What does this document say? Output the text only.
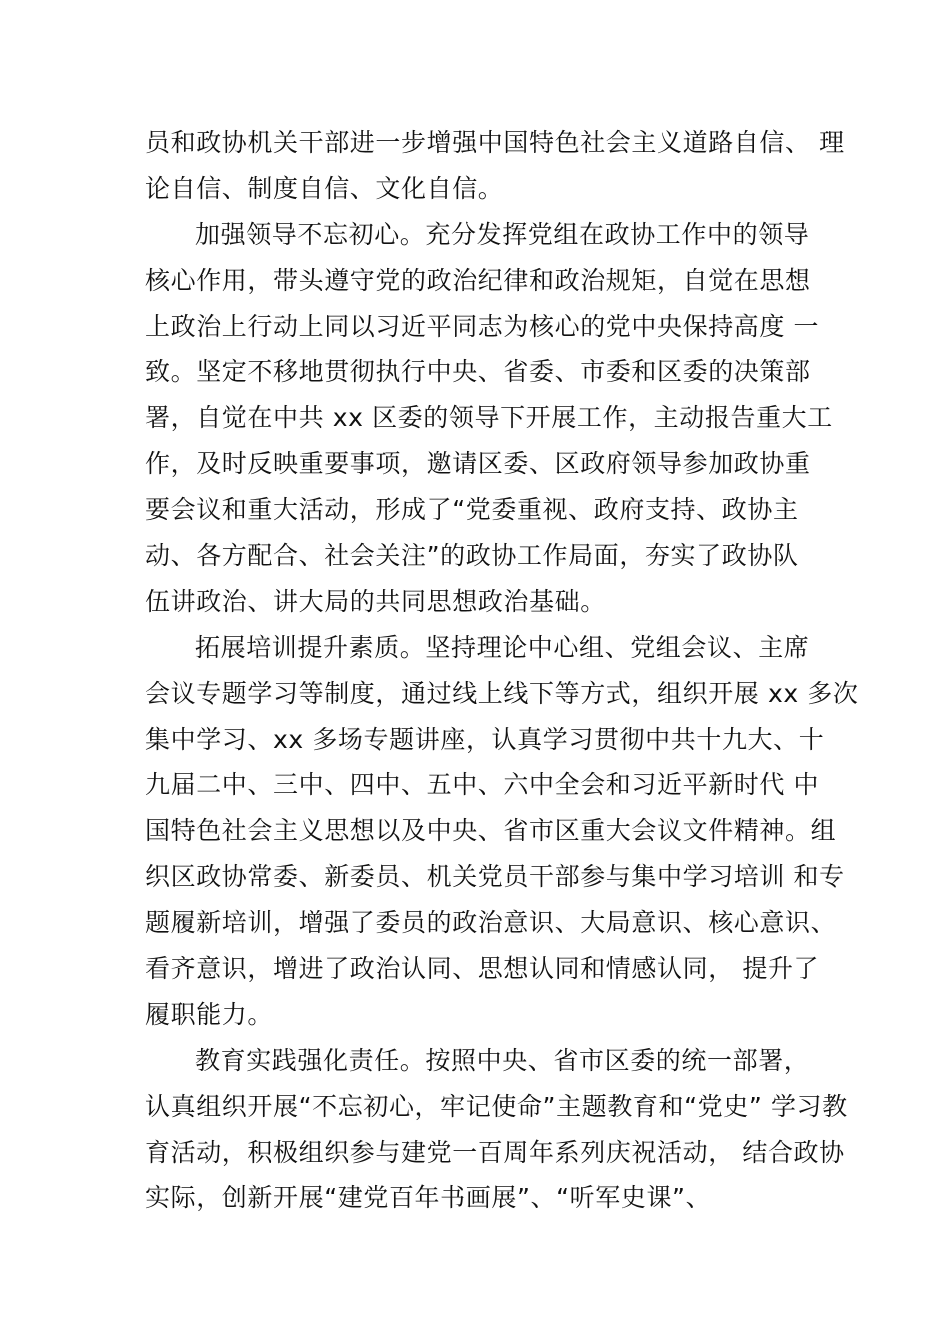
员和政协机关干部进一步增强中国特色社会主义道路自信、 理
论自信、制度自信、文化自信。
加强领导不忘初心。充分发挥党组在政协工作中的领导
核心作用，带头遵守党的政治纪律和政治规矩，自觉在思想
上政治上行动上同以习近平同志为核心的党中央保持高度 一
致。坚定不移地贯彻执行中央、省委、市委和区委的决策部
署，自觉在中共 xx 区委的领导下开展工作，主动报告重大工
作，及时反映重要事项，邀请区委、区政府领导参加政协重
要会议和重大活动，形成了“党委重视、政府支持、政协主
动、各方配合、社会关注”的政协工作局面，夯实了政协队
伍讲政治、讲大局的共同思想政治基础。
拓展培训提升素质。坚持理论中心组、党组会议、主席
会议专题学习等制度，通过线上线下等方式，组织开展 xx 多次
集中学习、xx 多场专题讲座，认真学习贯彻中共十九大、十
九届二中、三中、四中、五中、六中全会和习近平新时代 中
国特色社会主义思想以及中央、省市区重大会议文件精神。组
织区政协常委、新委员、机关党员干部参与集中学习培训 和专
题履新培训，增强了委员的政治意识、大局意识、核心意识、
看齐意识，增进了政治认同、思想认同和情感认同， 提升了
履职能力。
教育实践强化责任。按照中央、省市区委的统一部署，
认真组织开展“不忘初心，牢记使命”主题教育和“党史” 学习教
育活动，积极组织参与建党一百周年系列庆祝活动， 结合政协
实际，创新开展“建党百年书画展”、“听军史课”、
